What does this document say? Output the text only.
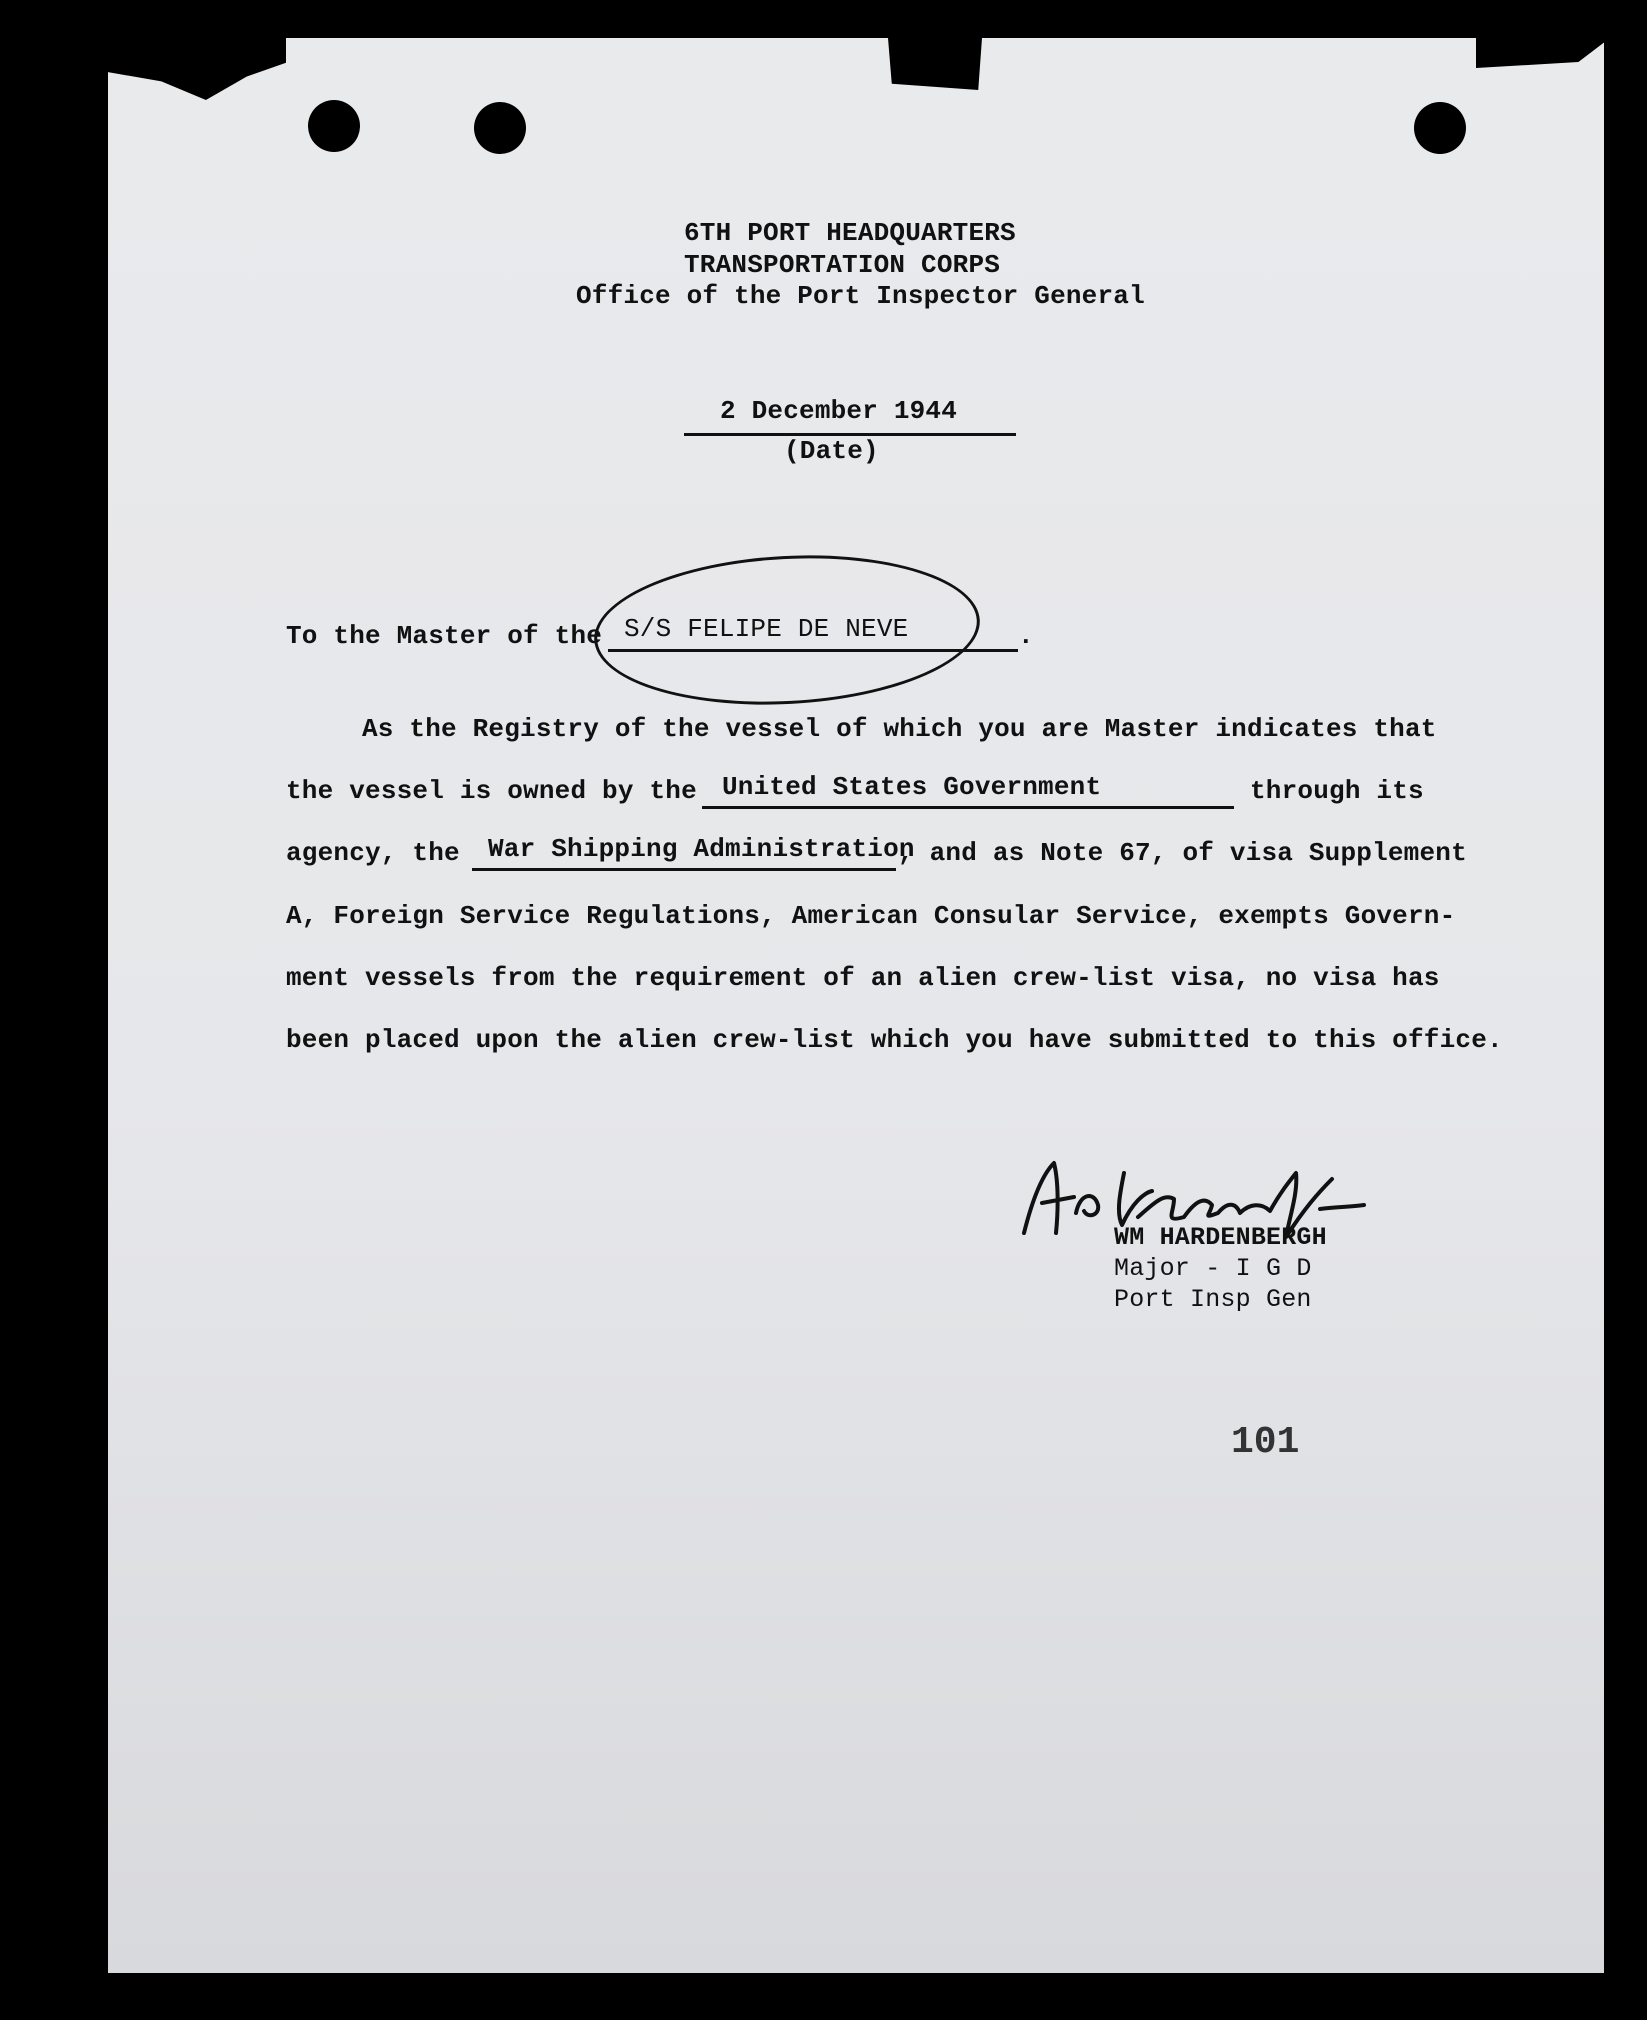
6TH PORT HEADQUARTERS

TRANSPORTATION CORPS

Office of the Port Inspector General

2 December 1944

(Date)

To the Master of the S/S FELIPE DE NEVE	.

As the Registry of the vessel of which you are Master indicates that

the vessel is owned by the United States Government	through its

agency, the War Shipping Administration

, and as Note 67, of visa Supplement

A, Foreign Service Regulations, American Consular Service, exempts Govern-

ment vessels from the requirement of an alien crew-list visa, no visa has

been placed upon the alien crew-list which you have submitted to this office.

WM HARDENBERGH

Major - I G D

Port Insp Gen

101
